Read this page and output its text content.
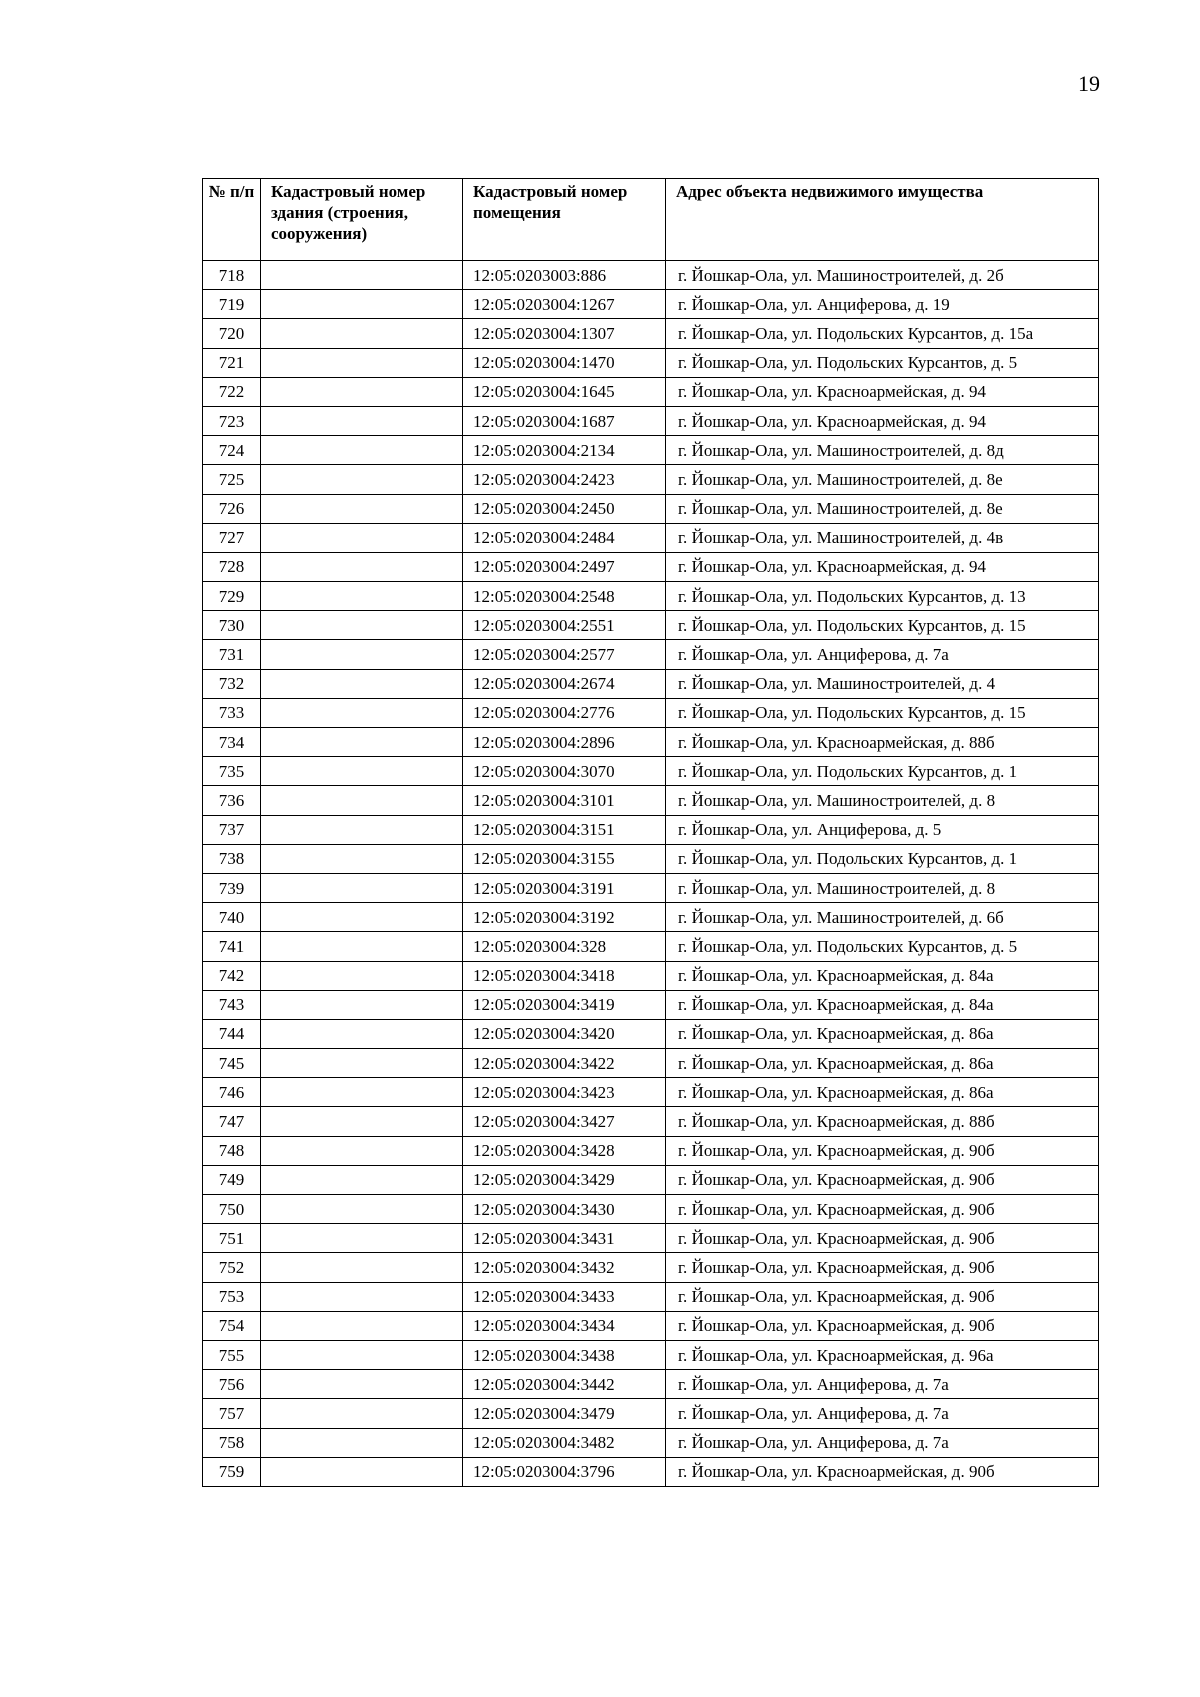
19
№ п/п	Кадастровый номер здания (строения, сооружения)	Кадастровый номер помещения	Адрес объекта недвижимого имущества
718		12:05:0203003:886	г. Йошкар-Ола, ул. Машиностроителей, д. 2б
719		12:05:0203004:1267	г. Йошкар-Ола, ул. Анциферова, д. 19
720		12:05:0203004:1307	г. Йошкар-Ола, ул. Подольских Курсантов, д. 15а
721		12:05:0203004:1470	г. Йошкар-Ола, ул. Подольских Курсантов, д. 5
722		12:05:0203004:1645	г. Йошкар-Ола, ул. Красноармейская, д. 94
723		12:05:0203004:1687	г. Йошкар-Ола, ул. Красноармейская, д. 94
724		12:05:0203004:2134	г. Йошкар-Ола, ул. Машиностроителей, д. 8д
725		12:05:0203004:2423	г. Йошкар-Ола, ул. Машиностроителей, д. 8е
726		12:05:0203004:2450	г. Йошкар-Ола, ул. Машиностроителей, д. 8е
727		12:05:0203004:2484	г. Йошкар-Ола, ул. Машиностроителей, д. 4в
728		12:05:0203004:2497	г. Йошкар-Ола, ул. Красноармейская, д. 94
729		12:05:0203004:2548	г. Йошкар-Ола, ул. Подольских Курсантов, д. 13
730		12:05:0203004:2551	г. Йошкар-Ола, ул. Подольских Курсантов, д. 15
731		12:05:0203004:2577	г. Йошкар-Ола, ул. Анциферова, д. 7а
732		12:05:0203004:2674	г. Йошкар-Ола, ул. Машиностроителей, д. 4
733		12:05:0203004:2776	г. Йошкар-Ола, ул. Подольских Курсантов, д. 15
734		12:05:0203004:2896	г. Йошкар-Ола, ул. Красноармейская, д. 88б
735		12:05:0203004:3070	г. Йошкар-Ола, ул. Подольских Курсантов, д. 1
736		12:05:0203004:3101	г. Йошкар-Ола, ул. Машиностроителей, д. 8
737		12:05:0203004:3151	г. Йошкар-Ола, ул. Анциферова, д. 5
738		12:05:0203004:3155	г. Йошкар-Ола, ул. Подольских Курсантов, д. 1
739		12:05:0203004:3191	г. Йошкар-Ола, ул. Машиностроителей, д. 8
740		12:05:0203004:3192	г. Йошкар-Ола, ул. Машиностроителей, д. 6б
741		12:05:0203004:328	г. Йошкар-Ола, ул. Подольских Курсантов, д. 5
742		12:05:0203004:3418	г. Йошкар-Ола, ул. Красноармейская, д. 84а
743		12:05:0203004:3419	г. Йошкар-Ола, ул. Красноармейская, д. 84а
744		12:05:0203004:3420	г. Йошкар-Ола, ул. Красноармейская, д. 86а
745		12:05:0203004:3422	г. Йошкар-Ола, ул. Красноармейская, д. 86а
746		12:05:0203004:3423	г. Йошкар-Ола, ул. Красноармейская, д. 86а
747		12:05:0203004:3427	г. Йошкар-Ола, ул. Красноармейская, д. 88б
748		12:05:0203004:3428	г. Йошкар-Ола, ул. Красноармейская, д. 90б
749		12:05:0203004:3429	г. Йошкар-Ола, ул. Красноармейская, д. 90б
750		12:05:0203004:3430	г. Йошкар-Ола, ул. Красноармейская, д. 90б
751		12:05:0203004:3431	г. Йошкар-Ола, ул. Красноармейская, д. 90б
752		12:05:0203004:3432	г. Йошкар-Ола, ул. Красноармейская, д. 90б
753		12:05:0203004:3433	г. Йошкар-Ола, ул. Красноармейская, д. 90б
754		12:05:0203004:3434	г. Йошкар-Ола, ул. Красноармейская, д. 90б
755		12:05:0203004:3438	г. Йошкар-Ола, ул. Красноармейская, д. 96а
756		12:05:0203004:3442	г. Йошкар-Ола, ул. Анциферова, д. 7а
757		12:05:0203004:3479	г. Йошкар-Ола, ул. Анциферова, д. 7а
758		12:05:0203004:3482	г. Йошкар-Ола, ул. Анциферова, д. 7а
759		12:05:0203004:3796	г. Йошкар-Ола, ул. Красноармейская, д. 90б
